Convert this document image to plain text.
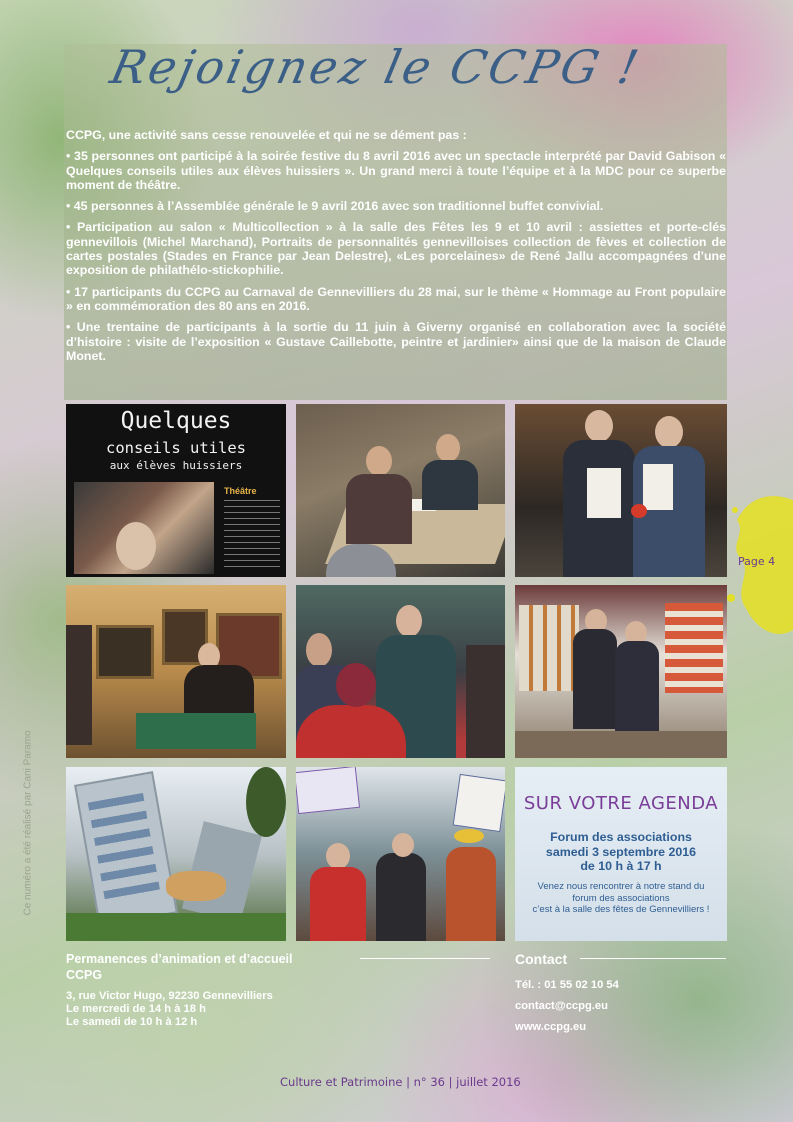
Rejoignez le CCPG !

CCPG, une activité sans cesse renouvelée et qui ne se dément pas :

• 35 personnes ont participé à la soirée festive du 8 avril 2016 avec un spectacle interprété par David Gabison « Quelques conseils utiles aux élèves huissiers ». Un grand merci à toute l’équipe et à la MDC pour ce superbe moment de théâtre.

• 45 personnes à l’Assemblée générale le 9 avril 2016 avec son traditionnel buffet convivial.

• Participation au salon « Multicollection » à la salle des Fêtes les 9 et 10 avril : assiettes et porte-clés gennevillois (Michel Marchand), Portraits de personnalités gennevilloises collection de fèves et collection de cartes postales (Stades en France par Jean Delestre), «Les porcelaines» de René Jallu accompagnées d’une exposition de philathélo-stickophilie.

• 17 participants du CCPG au Carnaval de Gennevilliers du 28 mai, sur le thème « Hommage au Front populaire » en commémoration des 80 ans en 2016.

• Une trentaine de participants à la sortie du 11 juin à Giverny organisé en collaboration avec la société d’histoire : visite de l’exposition « Gustave Caillebotte, peintre et jardinier» ainsi que de la maison de Claude Monet.

Quelques
conseils utiles
aux élèves huissiers
Théâtre
SUR VOTRE AGENDA
Forum des associations
samedi 3 septembre 2016
de 10 h à 17 h
Venez nous rencontrer à notre stand du
forum des associations
c’est à la salle des fêtes de Gennevilliers !
Permanences d’animation et d’accueil
CCPG
3, rue Victor Hugo, 92230 Gennevilliers
Le mercredi de 14 h à 18 h
Le samedi de 10 h à 12 h
Contact
Tél. : 01 55 02 10 54
contact@ccpg.eu
www.ccpg.eu
Page 4
Ce numéro a été réalisé par Cani Paramo
Culture et Patrimoine | n° 36 | juillet 2016
